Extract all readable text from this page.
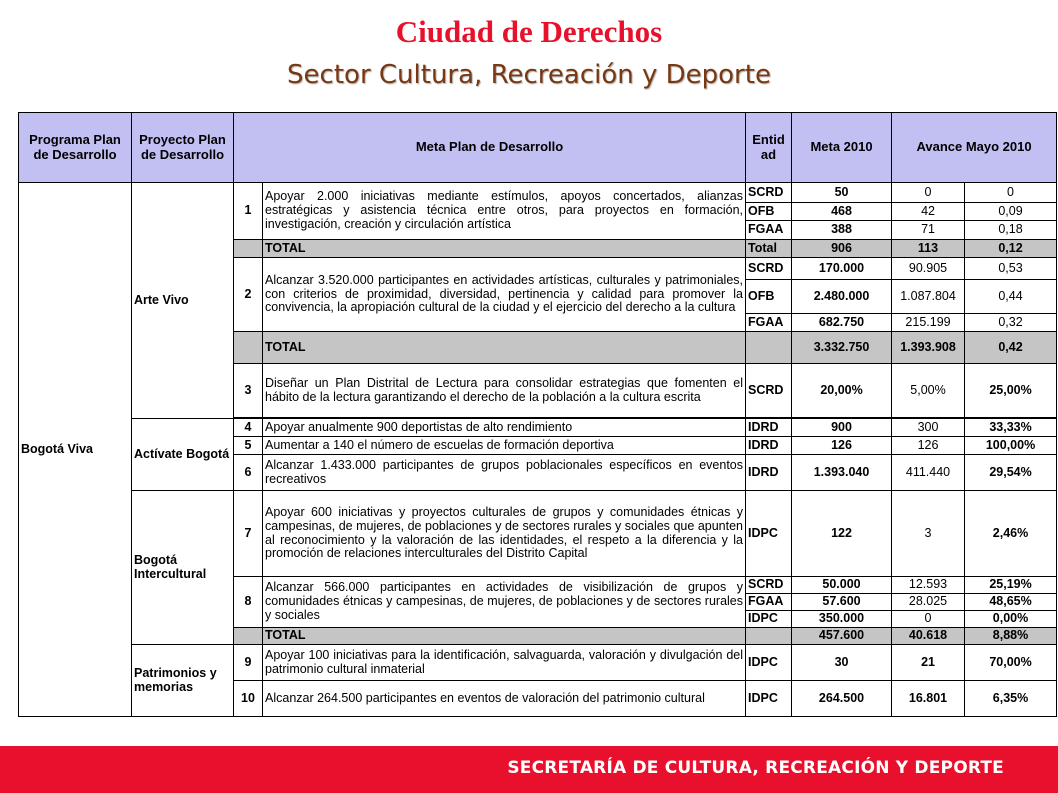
Ciudad de Derechos
Sector Cultura, Recreación y Deporte
Programa Plan de Desarrollo	Proyecto Plan de Desarrollo	Meta Plan de Desarrollo		Entid ad	Meta 2010	Avance Mayo 2010	
Bogotá Viva	Arte Vivo	1	Apoyar 2.000 iniciativas mediante estímulos, apoyos concertados, alianzas estratégicas y asistencia técnica entre otros, para proyectos en formación, investigación, creación y circulación artística	SCRD	50	0	0
				OFB	468	42	0,09
				FGAA	388	71	0,18
			TOTAL	Total	906	113	0,12
		2	Alcanzar 3.520.000 participantes en actividades artísticas, culturales y patrimoniales, con criterios de proximidad, diversidad, pertinencia y calidad para promover la convivencia, la apropiación cultural de la ciudad y el ejercicio del derecho a la cultura	SCRD	170.000	90.905	0,53
				OFB	2.480.000	1.087.804	0,44
				FGAA	682.750	215.199	0,32
			TOTAL		3.332.750	1.393.908	0,42
		3	Diseñar un Plan Distrital de Lectura para consolidar estrategias que fomenten el hábito de la lectura garantizando el derecho de la población a la cultura escrita	SCRD	20,00%	5,00%	25,00%

	Actívate Bogotá	4	Apoyar anualmente 900 deportistas de alto rendimiento	IDRD	900	300	33,33%
		5	Aumentar a 140 el número de escuelas de formación deportiva	IDRD	126	126	100,00%
		6	Alcanzar 1.433.000 participantes de grupos poblacionales específicos en eventos recreativos	IDRD	1.393.040	411.440	29,54%
	Bogotá Intercultural	7	Apoyar 600 iniciativas y proyectos culturales de grupos y comunidades étnicas y campesinas, de mujeres, de poblaciones y de sectores rurales y sociales que apunten al reconocimiento y la valoración de las identidades, el respeto a la diferencia y la promoción de relaciones interculturales del Distrito Capital	IDPC	122	3	2,46%
		8	Alcanzar 566.000 participantes en actividades de visibilización de grupos y comunidades étnicas y campesinas, de mujeres, de poblaciones y de sectores rurales y sociales	SCRD	50.000	12.593	25,19%
				FGAA	57.600	28.025	48,65%
				IDPC	350.000	0	0,00%
			TOTAL		457.600	40.618	8,88%
	Patrimonios y memorias	9	Apoyar 100 iniciativas para la identificación, salvaguarda, valoración y divulgación del patrimonio cultural inmaterial	IDPC	30	21	70,00%
		10	Alcanzar 264.500 participantes en eventos de valoración del patrimonio cultural	IDPC	264.500	16.801	6,35%
SECRETARÍA DE CULTURA, RECREACIÓN Y DEPORTE
